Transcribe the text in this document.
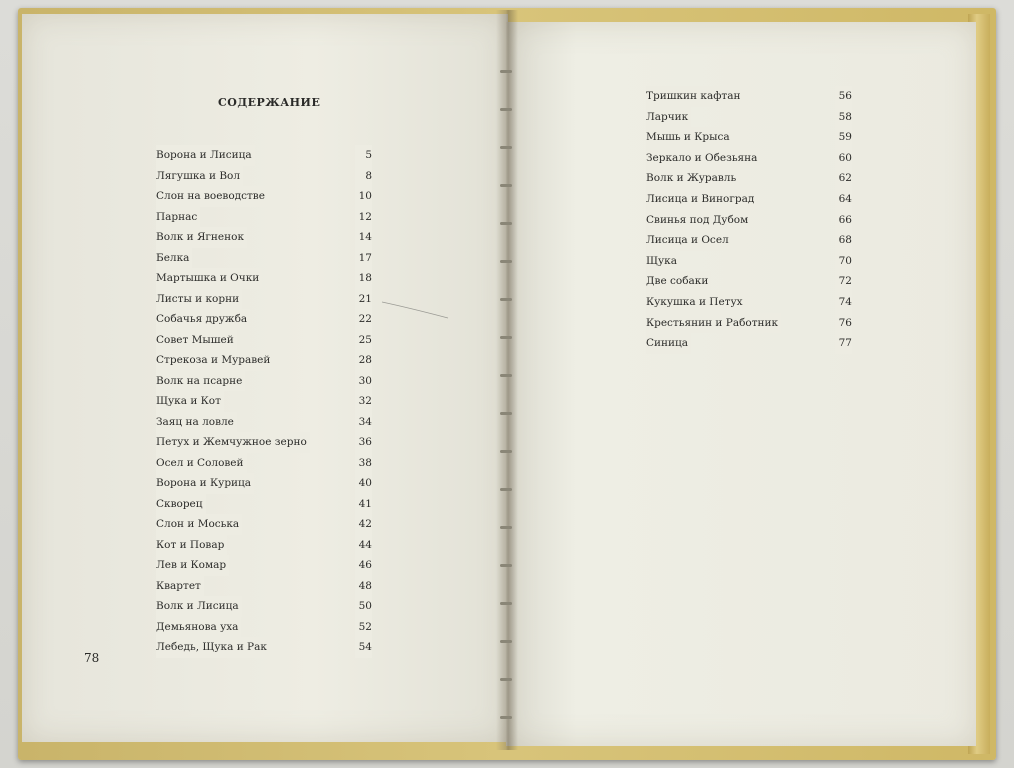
СОДЕРЖАНИЕ
. . .
Ворона и Лисица	5
. . .
Лягушка и Вол	8
. . .
Слон на воеводстве	10
. . .
Парнас	12
. . .
Волк и Ягненок	14
. . .
Белка	17
. . .
Мартышка и Очки	18
. . .
Листы и корни	21
. . .
Собачья дружба	22
. . .
Совет Мышей	25
. . .
Стрекоза и Муравей	28
. . .
Волк на псарне	30
. . .
Щука и Кот	32
. . .
Заяц на ловле	34
. . .
Петух и Жемчужное зерно	36
. . .
Осел и Соловей	38
. . .
Ворона и Курица	40
. . .
Скворец	41
. . .
Слон и Моська	42
. . .
Кот и Повар	44
. . .
Лев и Комар	46
. . .
Квартет	48
. . .
Волк и Лисица	50
. . .
Демьянова уха	52
. . .
Лебедь, Щука и Рак	54
. . .
Тришкин кафтан	56
. . .
Ларчик	58
. . .
Мышь и Крыса	59
. . .
Зеркало и Обезьяна	60
. . .
Волк и Журавль	62
. . .
Лисица и Виноград	64
. . .
Свинья под Дубом	66
. . .
Лисица и Осел	68
. . .
Щука	70
. . .
Две собаки	72
. . .
Кукушка и Петух	74
. . .
Крестьянин и Работник	76
. . .
Синица	77
78
